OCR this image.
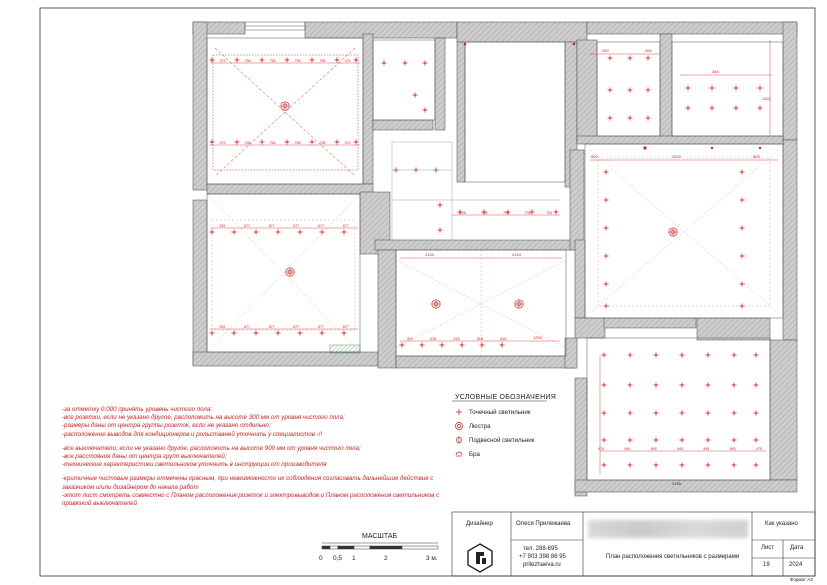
3320
800	800
2144	2144
400	400
1200
346
1322
4765
725	705	705	705	725
379	758	758	758	758	379
379	758	758	758	758	379
339	677	677	677	677	677
339	677	677	677	677	677
309	618	618	618	618
470	945	945	945	945	945	470
-за отметку 0,000 принять уровень чистого пола;
-все розетки, если не указано другое, расположить на высоте 300 мм от уровня чистого пола;
-размеры даны от центра группы розеток, если не указано отдельно;
-расположение выводов для кондиционеров и рольставней уточнить у специалистов -!!
-все выключатели, если не указано другое, расположить на высоте 900 мм от уровня чистого пола;
-все расстояния даны от центра групп выключателей;
-технические характеристики светильников уточнить в инструкции от производителя
-критичные чистовые размеры отмечены красным, при невозможности их соблюдения согласовать дальнейшие действия с
заказчиком и/или дизайнером до начала работ
-этот лист смотреть совместно с Планом расположения розеток и электровыводов и Планом расположения светильников с
привязкой выключателей
УСЛОВНЫЕ ОБОЗНАЧЕНИЯ
Точечный светильник
Люстра
Подвесной светильник
Бра
МАСШТАБ
0 0,5 1	2	3 м.
Дизайнер	Олеся Прилежаева
тел. 288-695
+7 903 398 86 95
prilezhaeva.ru
План расположения светильников с размерами
Как указано
Лист	Дата
19	2024
Формат А3
